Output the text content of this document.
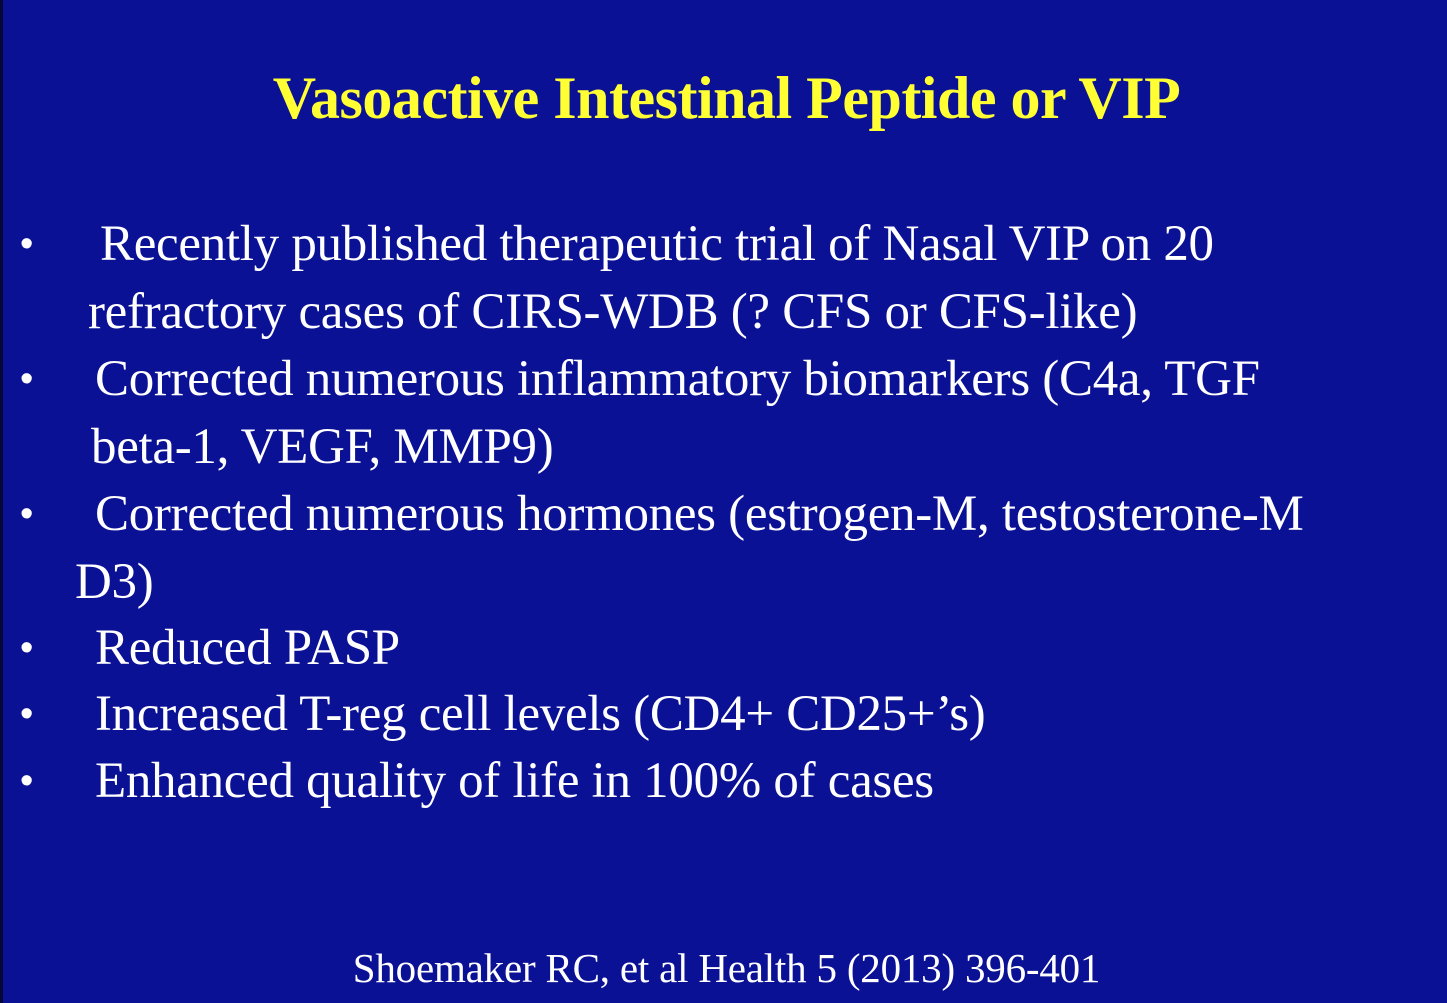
Vasoactive Intestinal Peptide or VIP
• Recently published therapeutic trial of Nasal VIP on 20
refractory cases of CIRS-WDB (? CFS or CFS-like)
• Corrected numerous inflammatory biomarkers (C4a, TGF
beta-1, VEGF, MMP9)
• Corrected numerous hormones (estrogen-M, testosterone-M
D3)
• Reduced PASP
• Increased T-reg cell levels (CD4+ CD25+’s)
• Enhanced quality of life in 100% of cases
Shoemaker RC, et al Health 5 (2013) 396-401
